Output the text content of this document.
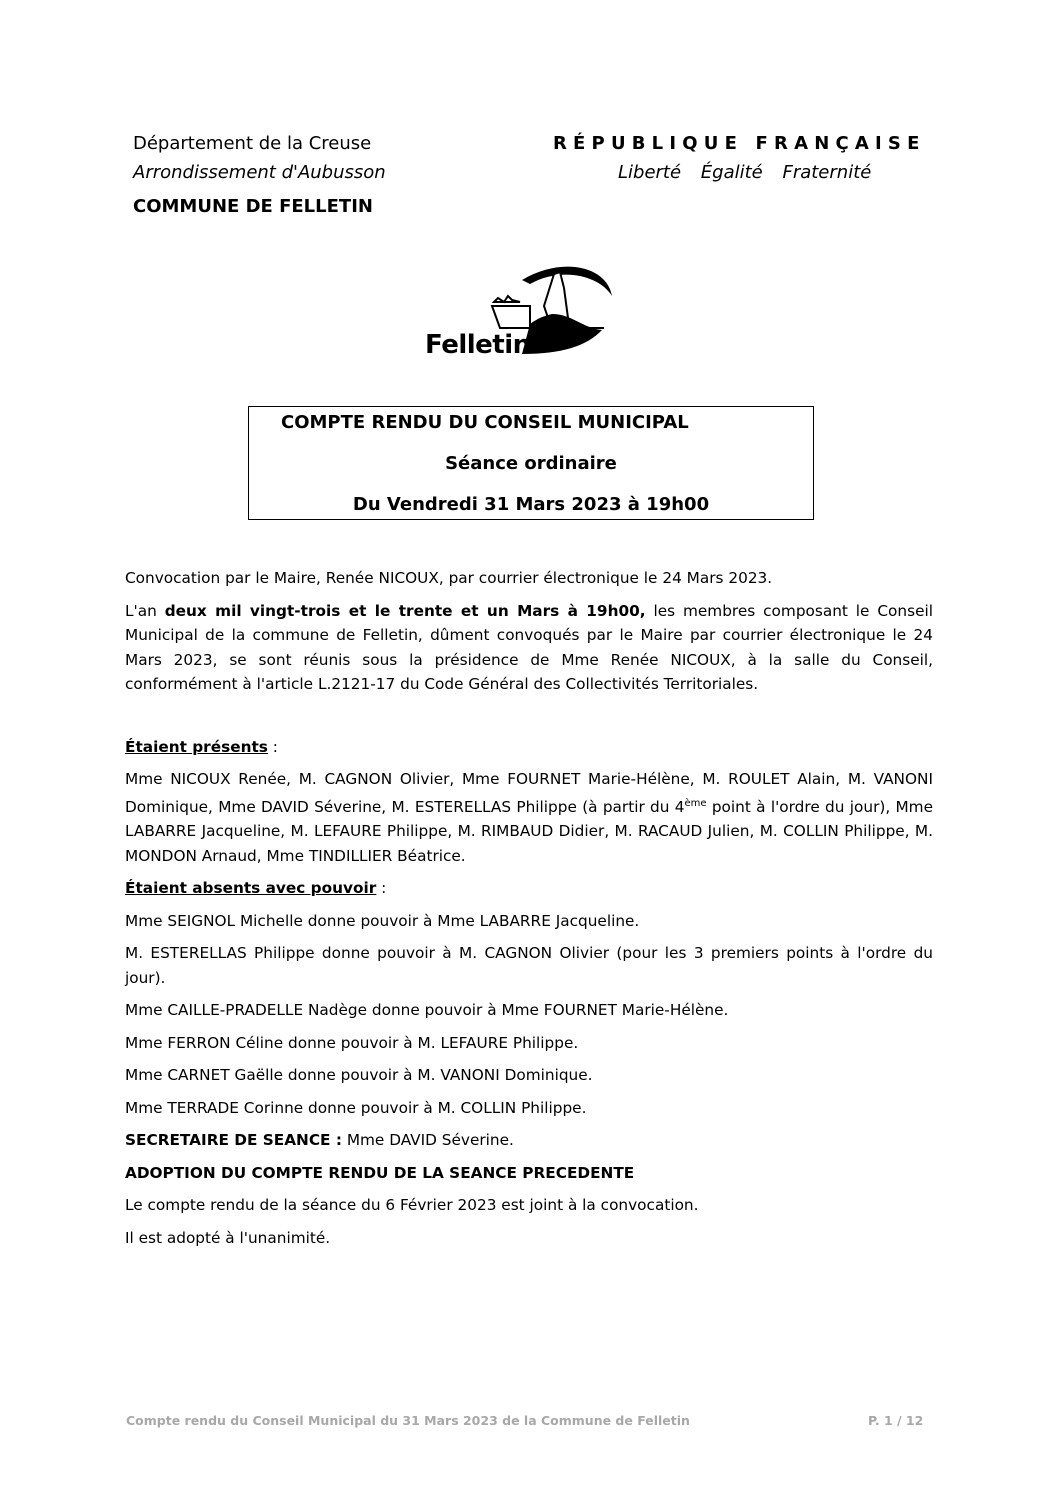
Département de la Creuse
Arrondissement d'Aubusson
COMMUNE DE FELLETIN
RÉPUBLIQUE FRANÇAISE
Liberté Égalité Fraternité
Felletin
COMPTE RENDU DU CONSEIL MUNICIPAL
Séance ordinaire
Du Vendredi 31 Mars 2023 à 19h00

Convocation par le Maire, Renée NICOUX, par courrier électronique le 24 Mars 2023.

L'an deux mil vingt-trois et le trente et un Mars à 19h00, les membres composant le Conseil Municipal de la commune de Felletin, dûment convoqués par le Maire par courrier électronique le 24 Mars 2023, se sont réunis sous la présidence de Mme Renée NICOUX, à la salle du Conseil, conformément à l'article L.2121-17 du Code Général des Collectivités Territoriales.

Étaient présents :

Mme NICOUX Renée, M. CAGNON Olivier, Mme FOURNET Marie-Hélène, M. ROULET Alain, M. VANONI Dominique, Mme DAVID Séverine, M. ESTERELLAS Philippe (à partir du 4ème point à l'ordre du jour), Mme LABARRE Jacqueline, M. LEFAURE Philippe, M. RIMBAUD Didier, M. RACAUD Julien, M. COLLIN Philippe, M. MONDON Arnaud, Mme TINDILLIER Béatrice.

Étaient absents avec pouvoir :

Mme SEIGNOL Michelle donne pouvoir à Mme LABARRE Jacqueline.

M. ESTERELLAS Philippe donne pouvoir à M. CAGNON Olivier (pour les 3 premiers points à l'ordre du jour).

Mme CAILLE-PRADELLE Nadège donne pouvoir à Mme FOURNET Marie-Hélène.

Mme FERRON Céline donne pouvoir à M. LEFAURE Philippe.

Mme CARNET Gaëlle donne pouvoir à M. VANONI Dominique.

Mme TERRADE Corinne donne pouvoir à M. COLLIN Philippe.

SECRETAIRE DE SEANCE : Mme DAVID Séverine.

ADOPTION DU COMPTE RENDU DE LA SEANCE PRECEDENTE

Le compte rendu de la séance du 6 Février 2023 est joint à la convocation.

Il est adopté à l'unanimité.

Compte rendu du Conseil Municipal du 31 Mars 2023 de la Commune de Felletin	P. 1 / 12
